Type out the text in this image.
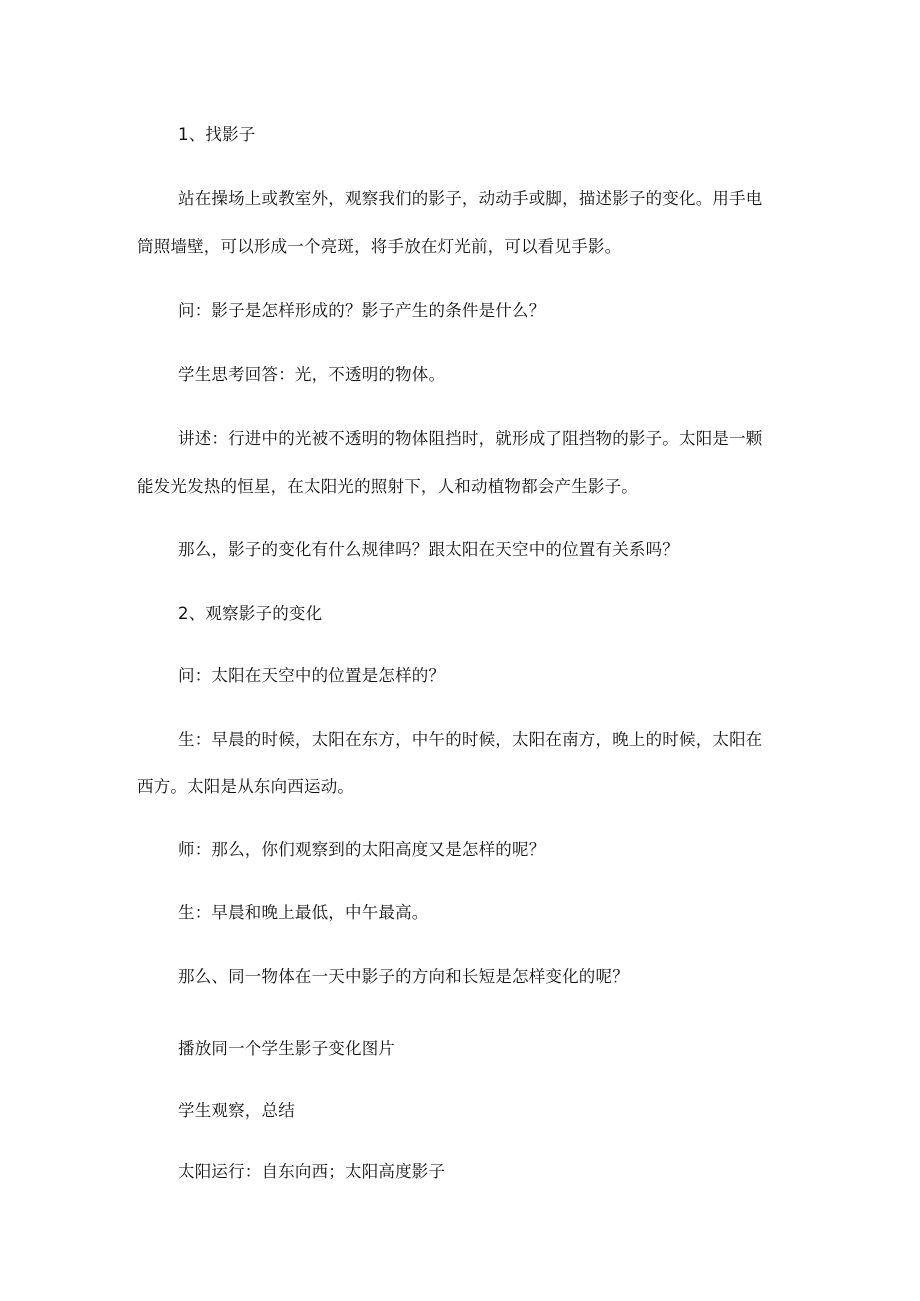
1、找影子
站在操场上或教室外，观察我们的影子，动动手或脚，描述影子的变化。用手电
筒照墙壁，可以形成一个亮斑，将手放在灯光前，可以看见手影。
问：影子是怎样形成的？影子产生的条件是什么？
学生思考回答：光，不透明的物体。
讲述：行进中的光被不透明的物体阻挡时，就形成了阻挡物的影子。太阳是一颗
能发光发热的恒星，在太阳光的照射下，人和动植物都会产生影子。
那么，影子的变化有什么规律吗？跟太阳在天空中的位置有关系吗？
2、观察影子的变化
问：太阳在天空中的位置是怎样的？
生：早晨的时候，太阳在东方，中午的时候，太阳在南方，晚上的时候，太阳在
西方。太阳是从东向西运动。
师：那么，你们观察到的太阳高度又是怎样的呢？
生：早晨和晚上最低，中午最高。
那么、同一物体在一天中影子的方向和长短是怎样变化的呢？
播放同一个学生影子变化图片
学生观察，总结
太阳运行：自东向西；太阳高度影子
